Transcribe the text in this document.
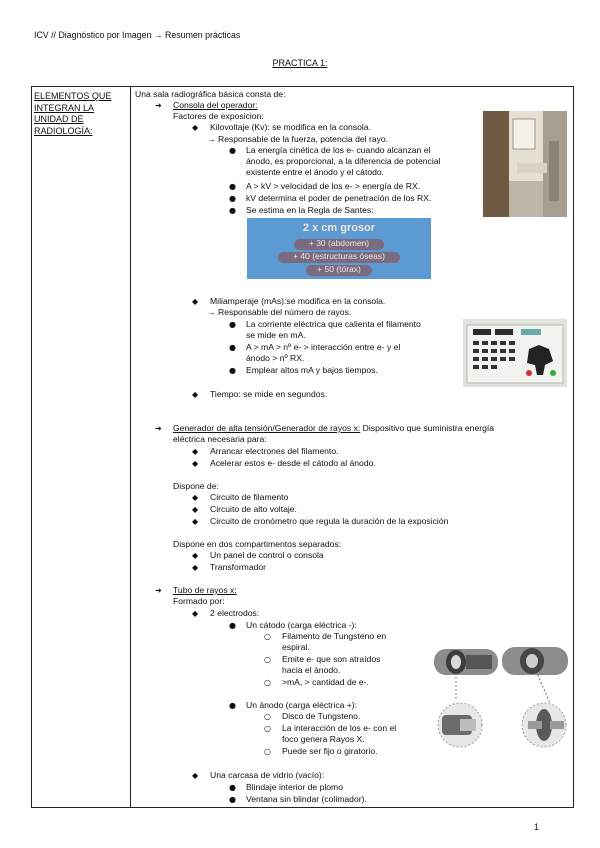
ICV // Diagnóstico por Imagen → Resumen prácticas
PRACTICA 1:
ELEMENTOS QUE INTEGRAN LA UNIDAD DE RADIOLOGÍA:
Una sala radiográfica básica consta de:
➔ Consola del operador:
Factores de exposicion:
◆ Kilovoltaje (Kv): se modifica en la consola.
→ Responsable de la fuerza, potencia del rayo.
● La energía cinética de los e- cuando alcanzan el
ánodo, es proporcional, a la diferencia de potencial
existente entre el ánodo y el cátodo.
● A > kV > velocidad de los e- > energía de RX.
● kV determina el poder de penetración de los RX.
● Se estima en la Regla de Santes:
2 x cm grosor
+ 30 (abdomen)
+ 40 (estructuras óseas)
+ 50 (tórax)
◆ Miliamperaje (mAs):se modifica en la consola.
→ Responsable del número de rayos.
● La corriente eléctrica que calienta el filamento
se mide en mA.
● A > mA > nº e- > interacción entre e- y el
ánodo > nº RX.
● Emplear altos mA y bajos tiempos.
◆ Tiempo: se mide en segundos.
➔ Generador de alta tensión/Generador de rayos x: Dispositivo que suministra energía
eléctrica necesaria para:
◆ Arrancar electrones del filamento.
◆ Acelerar estos e- desde el cátodo al ánodo.
Dispone de:
◆ Circuito de filamento
◆ Circuito de alto voltaje.
◆ Circuito de cronómetro que regula la duración de la exposición
Dispone en dos compartimentos separados:
◆ Un panel de control o consola
◆ Transformador
➔ Tubo de rayos x:
Formado por:
◆ 2 electrodos:
● Un cátodo (carga eléctrica -):
○ Filamento de Tungsteno en
espiral.
○ Emite e- que son atraídos
hacia el ánodo.
○ >mA, > cantidad de e-.
● Un ánodo (carga eléctrica +):
○ Disco de Tungsteno.
○ La interacción de los e- con el
foco genera Rayos X.
○ Puede ser fijo o giratorio.
◆ Una carcasa de vidrio (vacío):
● Blindaje interior de plomo
● Ventana sin blindar (colimador).
1
